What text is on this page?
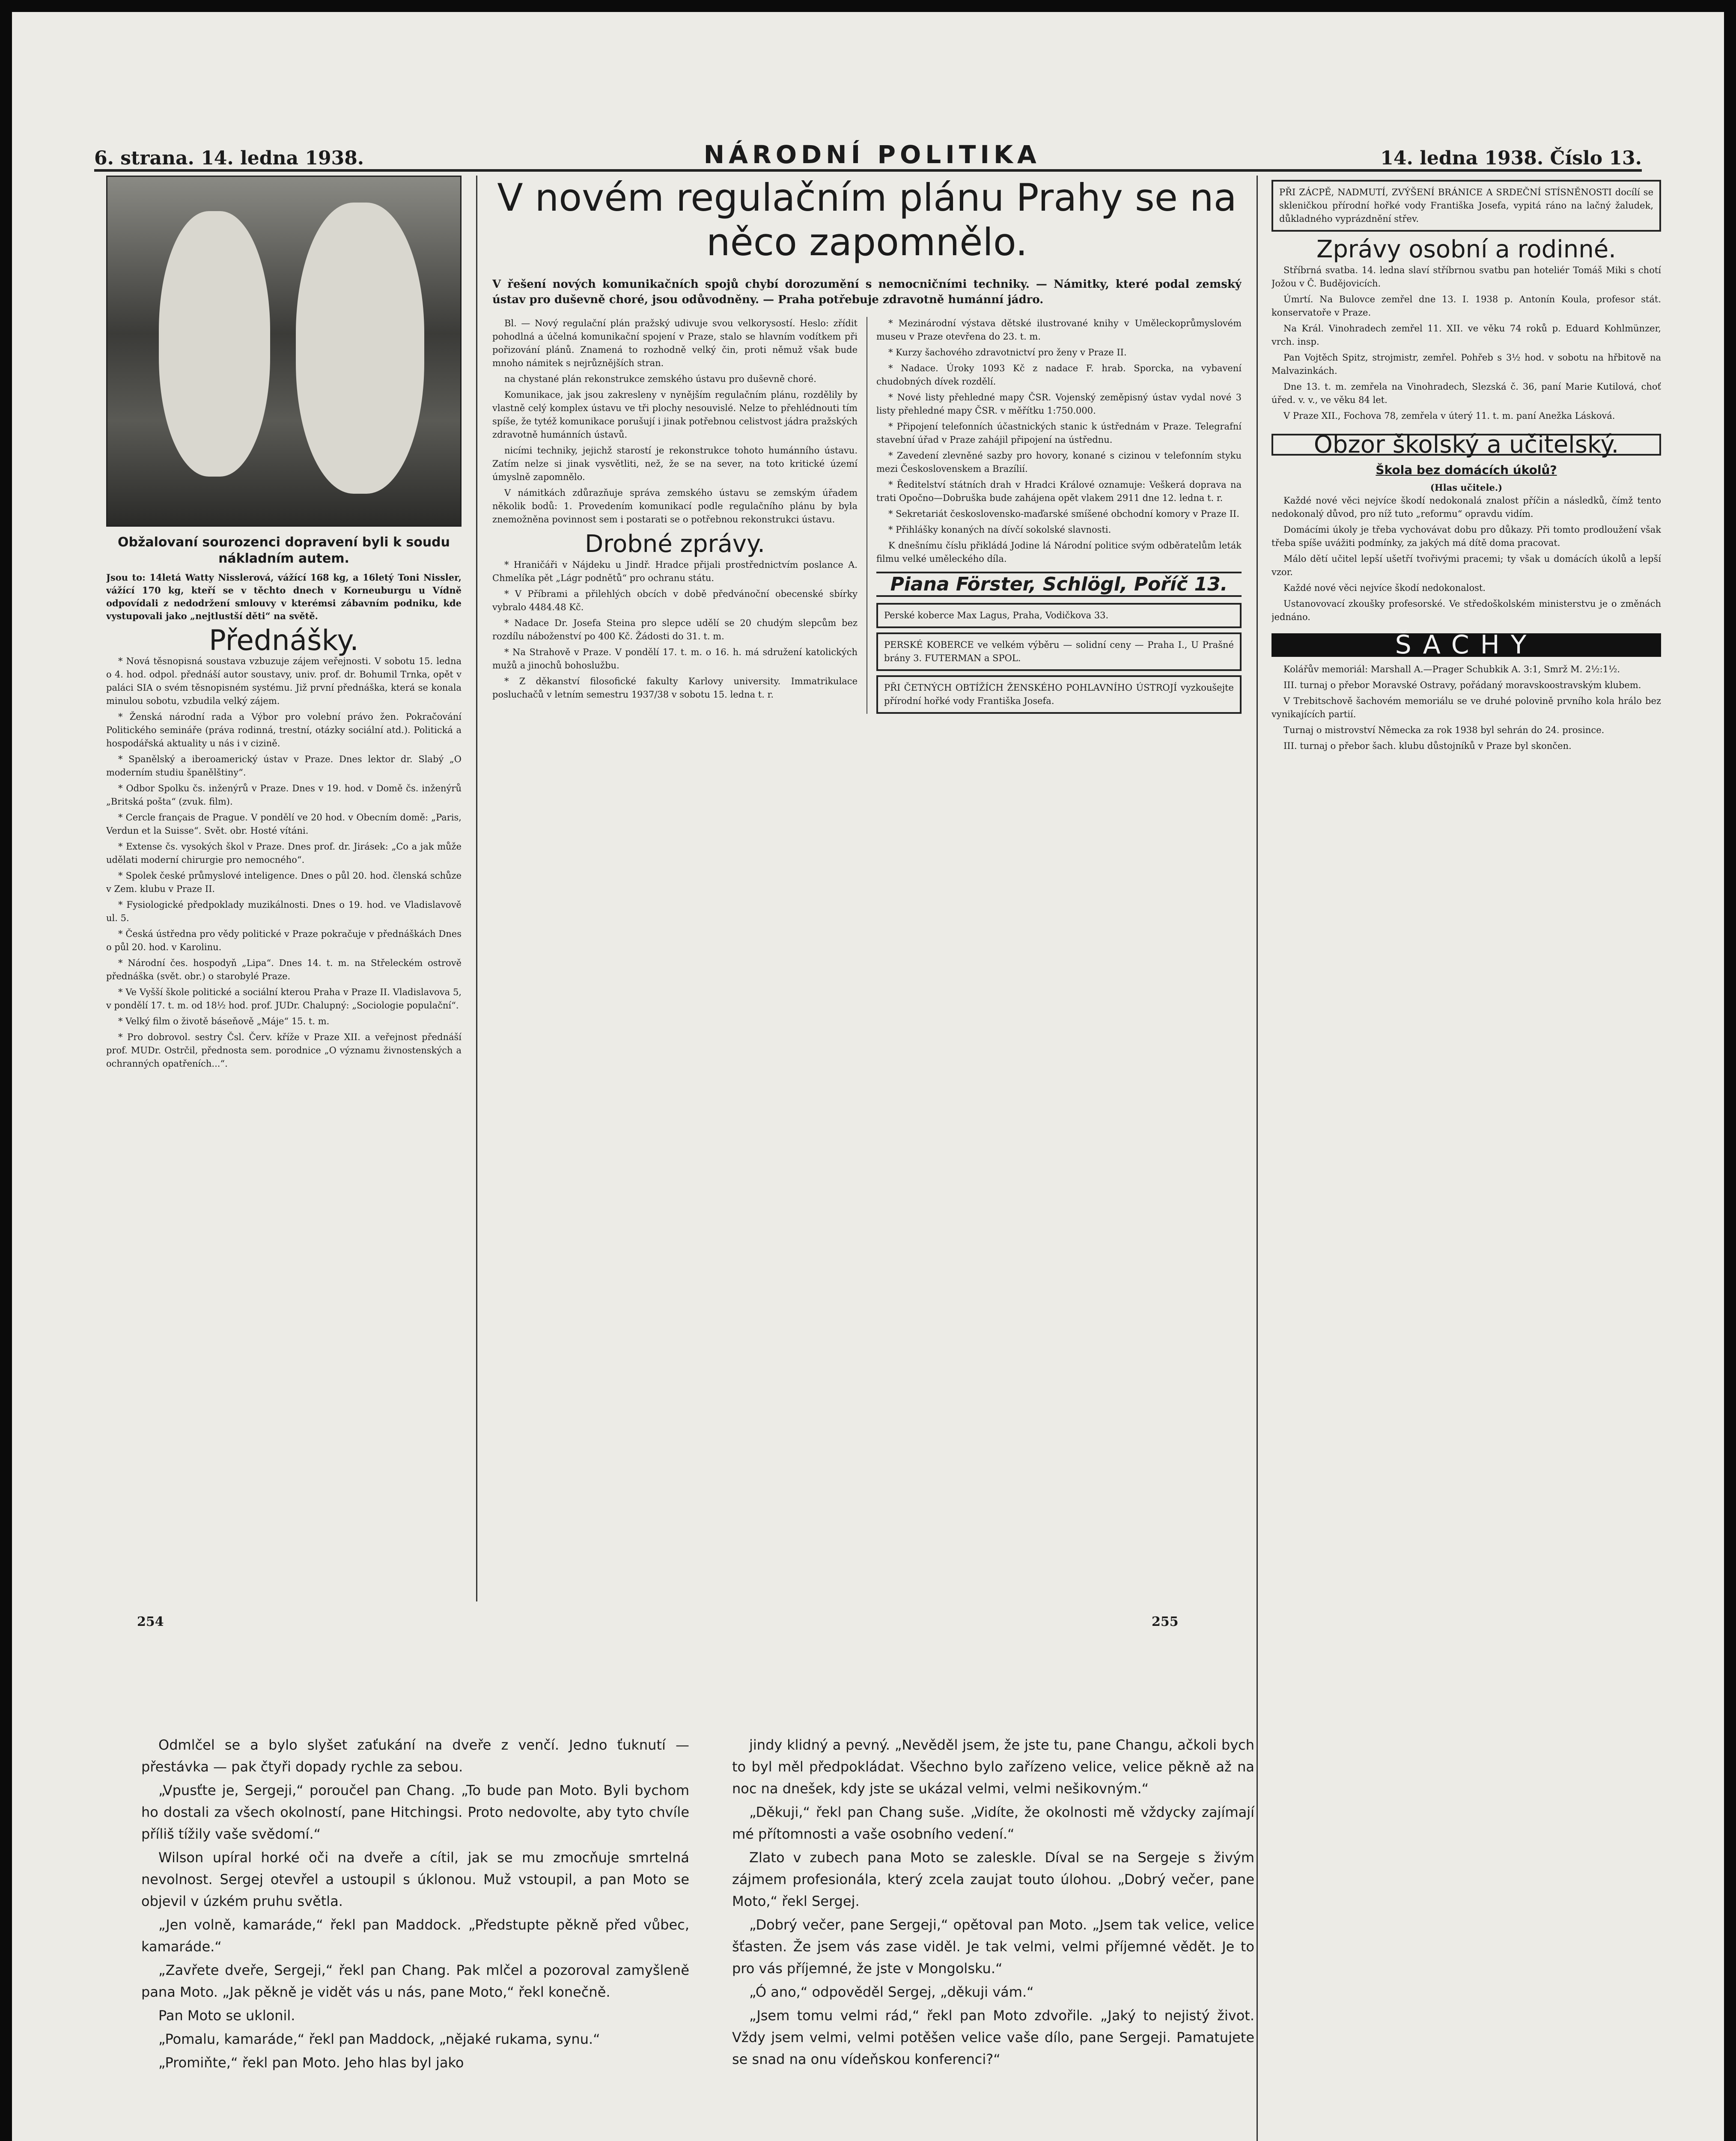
6. strana. 14. ledna 1938.	NÁRODNÍ POLITIKA	14. ledna 1938. Číslo 13.
Obžalovaní sourozenci dopravení byli k soudu nákladním autem.
Jsou to: 14letá Watty Nisslerová, vážící 168 kg, a 16letý Toni Nissler, vážící 170 kg, kteří se v těchto dnech v Korneuburgu u Vídně odpovídali z nedodržení smlouvy v kterémsi zábavním podniku, kde vystupovali jako „nejtlustší děti“ na světě.
Přednášky.

* Nová těsnopisná soustava vzbuzuje zájem veřejnosti. V sobotu 15. ledna o 4. hod. odpol. přednáší autor soustavy, univ. prof. dr. Bohumil Trnka, opět v paláci SIA o svém těsnopisném systému. Již první přednáška, která se konala minulou sobotu, vzbudila velký zájem.

* Ženská národní rada a Výbor pro volební právo žen. Pokračování Politického semináře (práva rodinná, trestní, otázky sociální atd.). Politická a hospodářská aktuality u nás i v cizině.

* Spanělský a iberoamerický ústav v Praze. Dnes lektor dr. Slabý „O moderním studiu španělštiny“.

* Odbor Spolku čs. inženýrů v Praze. Dnes v 19. hod. v Domě čs. inženýrů „Britská pošta“ (zvuk. film).

* Cercle français de Prague. V pondělí ve 20 hod. v Obecním domě: „Paris, Verdun et la Suisse“. Svět. obr. Hosté vítáni.

* Extense čs. vysokých škol v Praze. Dnes prof. dr. Jirásek: „Co a jak může udělati moderní chirurgie pro nemocného“.

* Spolek české průmyslové inteligence. Dnes o půl 20. hod. členská schůze v Zem. klubu v Praze II.

* Fysiologické předpoklady muzikálnosti. Dnes o 19. hod. ve Vladislavově ul. 5.

* Česká ústředna pro vědy politické v Praze pokračuje v přednáškách Dnes o půl 20. hod. v Karolinu.

* Národní čes. hospodyň „Lipa“. Dnes 14. t. m. na Střeleckém ostrově přednáška (svět. obr.) o starobylé Praze.

* Ve Vyšší škole politické a sociální kterou Praha v Praze II. Vladislavova 5, v pondělí 17. t. m. od 18½ hod. prof. JUDr. Chalupný: „Sociologie populační“.

* Velký film o životě báseňově „Máje“ 15. t. m.

* Pro dobrovol. sestry Čsl. Červ. kříže v Praze XII. a veřejnost přednáší prof. MUDr. Ostrčil, přednosta sem. porodnice „O významu živnostenských a ochranných opatřeních...“.

V novém regulačním plánu Prahy se na něco zapomnělo.
V řešení nových komunikačních spojů chybí dorozumění s nemocničními techniky. — Námitky, které podal zemský ústav pro duševně choré, jsou odůvodněny. — Praha potřebuje zdravotně humánní jádro.

Bl. — Nový regulační plán pražský udivuje svou velkorysostí. Heslo: zřídit pohodlná a účelná komunikační spojení v Praze, stalo se hlavním vodítkem při pořizování plánů. Znamená to rozhodně velký čin, proti němuž však bude mnoho námitek s nejrůznějších stran.

na chystané plán rekonstrukce zemského ústavu pro duševně choré.

Komunikace, jak jsou zakresleny v nynějším regulačním plánu, rozdělily by vlastně celý komplex ústavu ve tři plochy nesouvislé. Nelze to přehlédnouti tím spíše, že tytéž komunikace porušují i jinak potřebnou celistvost jádra pražských zdravotně humánních ústavů.

nicími techniky, jejichž starostí je rekonstrukce tohoto humánního ústavu. Zatím nelze si jinak vysvětliti, než, že se na sever, na toto kritické území úmyslně zapomnělo.

V námitkách zdůrazňuje správa zemského ústavu se zemským úřadem několik bodů: 1. Provedením komunikací podle regulačního plánu by byla znemožněna povinnost sem i postarati se o potřebnou rekonstrukci ústavu.

Drobné zprávy.

* Hraničáři v Nájdeku u Jindř. Hradce přijali prostřednictvím poslance A. Chmelíka pět „Lágr podnětů“ pro ochranu státu.

* V Příbrami a přilehlých obcích v době předvánoční obecenské sbírky vybralo 4484.48 Kč.

* Nadace Dr. Josefa Steina pro slepce udělí se 20 chudým slepcům bez rozdílu náboženství po 400 Kč. Žádosti do 31. t. m.

* Na Strahově v Praze. V pondělí 17. t. m. o 16. h. má sdružení katolických mužů a jinochů bohoslužbu.

* Z děkanství filosofické fakulty Karlovy university. Immatrikulace posluchačů v letním semestru 1937/38 v sobotu 15. ledna t. r.

* Mezinárodní výstava dětské ilustrované knihy v Uměleckoprůmyslovém museu v Praze otevřena do 23. t. m.

* Kurzy šachového zdravotnictví pro ženy v Praze II.

* Nadace. Úroky 1093 Kč z nadace F. hrab. Sporcka, na vybavení chudobných dívek rozdělí.

* Nové listy přehledné mapy ČSR. Vojenský zeměpisný ústav vydal nové 3 listy přehledné mapy ČSR. v měřítku 1:750.000.

* Připojení telefonních účastnických stanic k ústřednám v Praze. Telegrafní stavební úřad v Praze zahájil připojení na ústřednu.

* Zavedení zlevněné sazby pro hovory, konané s cizinou v telefonním styku mezi Československem a Brazílií.

* Ředitelství státních drah v Hradci Králové oznamuje: Veškerá doprava na trati Opočno—Dobruška bude zahájena opět vlakem 2911 dne 12. ledna t. r.

* Sekretariát československo-maďarské smíšené obchodní komory v Praze II.

* Přihlášky konaných na dívčí sokolské slavnosti.

K dnešnímu číslu přikládá Jodine lá Národní politice svým odběratelům leták filmu velké uměleckého díla.

Piana Förster, Schlögl, Poříč 13.
Perské koberce Max Lagus, Praha, Vodičkova 33.
PERSKÉ KOBERCE ve velkém výběru — solidní ceny — Praha I., U Prašné brány 3. FUTERMAN a SPOL.
PŘI ČETNÝCH OBTÍŽÍCH ŽENSKÉHO POHLAVNÍHO ÚSTROJÍ vyzkoušejte přírodní hořké vody Františka Josefa.
PŘI ZÁCPĚ, NADMUTÍ, ZVÝŠENÍ BRÁNICE A SRDEČNÍ STÍSNĚNOSTI docílí se skleničkou přírodní hořké vody Františka Josefa, vypitá ráno na lačný žaludek, důkladného vyprázdnění střev.
Zprávy osobní a rodinné.

Stříbrná svatba. 14. ledna slaví stříbrnou svatbu pan hoteliér Tomáš Miki s chotí Jožou v Č. Budějovicích.

Úmrtí. Na Bulovce zemřel dne 13. I. 1938 p. Antonín Koula, profesor stát. konservatoře v Praze.

Na Král. Vinohradech zemřel 11. XII. ve věku 74 roků p. Eduard Kohlmünzer, vrch. insp.

Pan Vojtěch Spitz, strojmistr, zemřel. Pohřeb s 3½ hod. v sobotu na hřbitově na Malvazinkách.

Dne 13. t. m. zemřela na Vinohradech, Slezská č. 36, paní Marie Kutilová, choť úřed. v. v., ve věku 84 let.

V Praze XII., Fochova 78, zemřela v úterý 11. t. m. paní Anežka Lásková.

Obzor školský a učitelský.
Škola bez domácích úkolů?
(Hlas učitele.)

Každé nové věci nejvíce škodí nedokonalá znalost příčin a následků, čímž tento nedokonalý důvod, pro níž tuto „reformu“ opravdu vidím.

Domácími úkoly je třeba vychovávat dobu pro důkazy. Při tomto prodloužení však třeba spíše uvážiti podmínky, za jakých má dítě doma pracovat.

Málo dětí učitel lepší ušetří tvořivými pracemi; ty však u domácích úkolů a lepší vzor.

Každé nové věci nejvíce škodí nedokonalost.

Ustanovovací zkoušky profesorské. Ve středoškolském ministerstvu je o změnách jednáno.

ŠACHY

Kolářův memoriál: Marshall A.—Prager Schubkik A. 3:1, Smrž M. 2½:1½.

III. turnaj o přebor Moravské Ostravy, pořádaný moravskoostravským klubem.

V Trebitschově šachovém memoriálu se ve druhé polovině prvního kola hrálo bez vynikajících partií.

Turnaj o mistrovství Německa za rok 1938 byl sehrán do 24. prosince.

III. turnaj o přebor šach. klubu důstojníků v Praze byl skončen.

254	255

Odmlčel se a bylo slyšet zaťukání na dveře z venčí. Jedno ťuknutí — přestávka — pak čtyři dopady rychle za sebou.

„Vpusťte je, Sergeji,“ poroučel pan Chang. „To bude pan Moto. Byli bychom ho dostali za všech okolností, pane Hitchingsi. Proto nedovolte, aby tyto chvíle příliš tížily vaše svědomí.“

Wilson upíral horké oči na dveře a cítil, jak se mu zmocňuje smrtelná nevolnost. Sergej otevřel a ustoupil s úklonou. Muž vstoupil, a pan Moto se objevil v úzkém pruhu světla.

„Jen volně, kamaráde,“ řekl pan Maddock. „Předstupte pěkně před vůbec, kamaráde.“

„Zavřete dveře, Sergeji,“ řekl pan Chang. Pak mlčel a pozoroval zamyšleně pana Moto. „Jak pěkně je vidět vás u nás, pane Moto,“ řekl konečně.

Pan Moto se uklonil.

„Pomalu, kamaráde,“ řekl pan Maddock, „nějaké rukama, synu.“

„Promiňte,“ řekl pan Moto. Jeho hlas byl jako

jindy klidný a pevný. „Nevěděl jsem, že jste tu, pane Changu, ačkoli bych to byl měl předpokládat. Všechno bylo zařízeno velice, velice pěkně až na noc na dnešek, kdy jste se ukázal velmi, velmi nešikovným.“

„Děkuji,“ řekl pan Chang suše. „Vidíte, že okolnosti mě vždycky zajímají mé přítomnosti a vaše osobního vedení.“

Zlato v zubech pana Moto se zaleskle. Díval se na Sergeje s živým zájmem profesionála, který zcela zaujat touto úlohou. „Dobrý večer, pane Moto,“ řekl Sergej.

„Dobrý večer, pane Sergeji,“ opětoval pan Moto. „Jsem tak velice, velice šťasten. Že jsem vás zase viděl. Je tak velmi, velmi příjemné vědět. Je to pro vás příjemné, že jste v Mongolsku.“

„Ó ano,“ odpověděl Sergej, „děkuji vám.“

„Jsem tomu velmi rád,“ řekl pan Moto zdvořile. „Jaký to nejistý život. Vždy jsem velmi, velmi potěšen velice vaše dílo, pane Sergeji. Pamatujete se snad na onu vídeňskou konferenci?“
